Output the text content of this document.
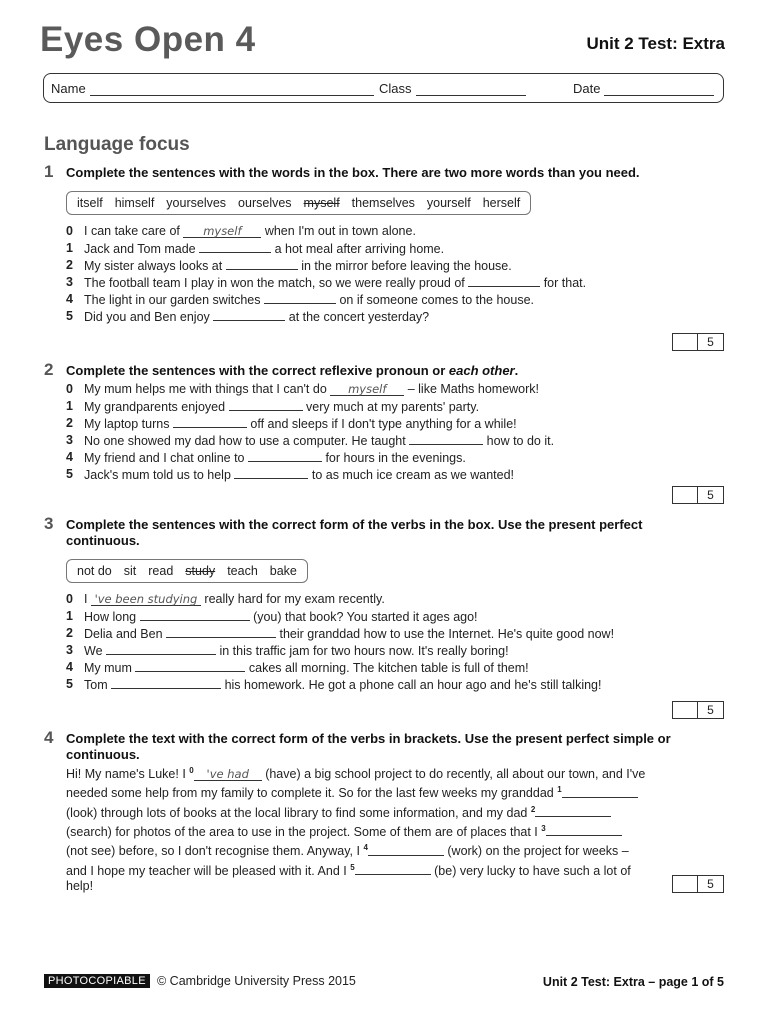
Eyes Open 4	Unit 2 Test: Extra
Name	Class	Date
Language focus
1 Complete the sentences with the words in the box. There are two more words than you need.
itself himself yourselves ourselves myself themselves yourself herself
0 I can take care of myself when I'm out in town alone.
1 Jack and Tom made	a hot meal after arriving home.
2 My sister always looks at	in the mirror before leaving the house.
3 The football team I play in won the match, so we were really proud of	for that.
4 The light in our garden switches	on if someone comes to the house.
5 Did you and Ben enjoy	at the concert yesterday?
5
2 Complete the sentences with the correct reflexive pronoun or each other.
0 My mum helps me with things that I can't do myself – like Maths homework!
1 My grandparents enjoyed	very much at my parents' party.
2 My laptop turns	off and sleeps if I don't type anything for a while!
3 No one showed my dad how to use a computer. He taught	how to do it.
4 My friend and I chat online to	for hours in the evenings.
5 Jack's mum told us to help	to as much ice cream as we wanted!
5
3 Complete the sentences with the correct form of the verbs in the box. Use the present perfect continuous.
not do sit read study teach bake
0 I 've been studying really hard for my exam recently.
1 How long	(you) that book? You started it ages ago!
2 Delia and Ben	their granddad how to use the Internet. He's quite good now!
3 We	in this traffic jam for two hours now. It's really boring!
4 My mum	cakes all morning. The kitchen table is full of them!
5 Tom	his homework. He got a phone call an hour ago and he's still talking!
5
4 Complete the text with the correct form of the verbs in brackets. Use the present perfect simple or continuous.
Hi! My name's Luke! I $^0$ 've had (have) a big school project to do recently, all about our town, and I've needed some help from my family to complete it. So for the last few weeks my granddad $^1$ (look) through lots of books at the local library to find some information, and my dad $^2$ (search) for photos of the area to use in the project. Some of them are of places that I $^3$ (not see) before, so I don't recognise them. Anyway, I $^4$	(work) on the project for weeks – and I hope my teacher will be pleased with it. And I $^5$	(be) very lucky to have such a lot of help!	5
PHOTOCOPIABLE © Cambridge University Press 2015	Unit 2 Test: Extra – page 1 of 5
